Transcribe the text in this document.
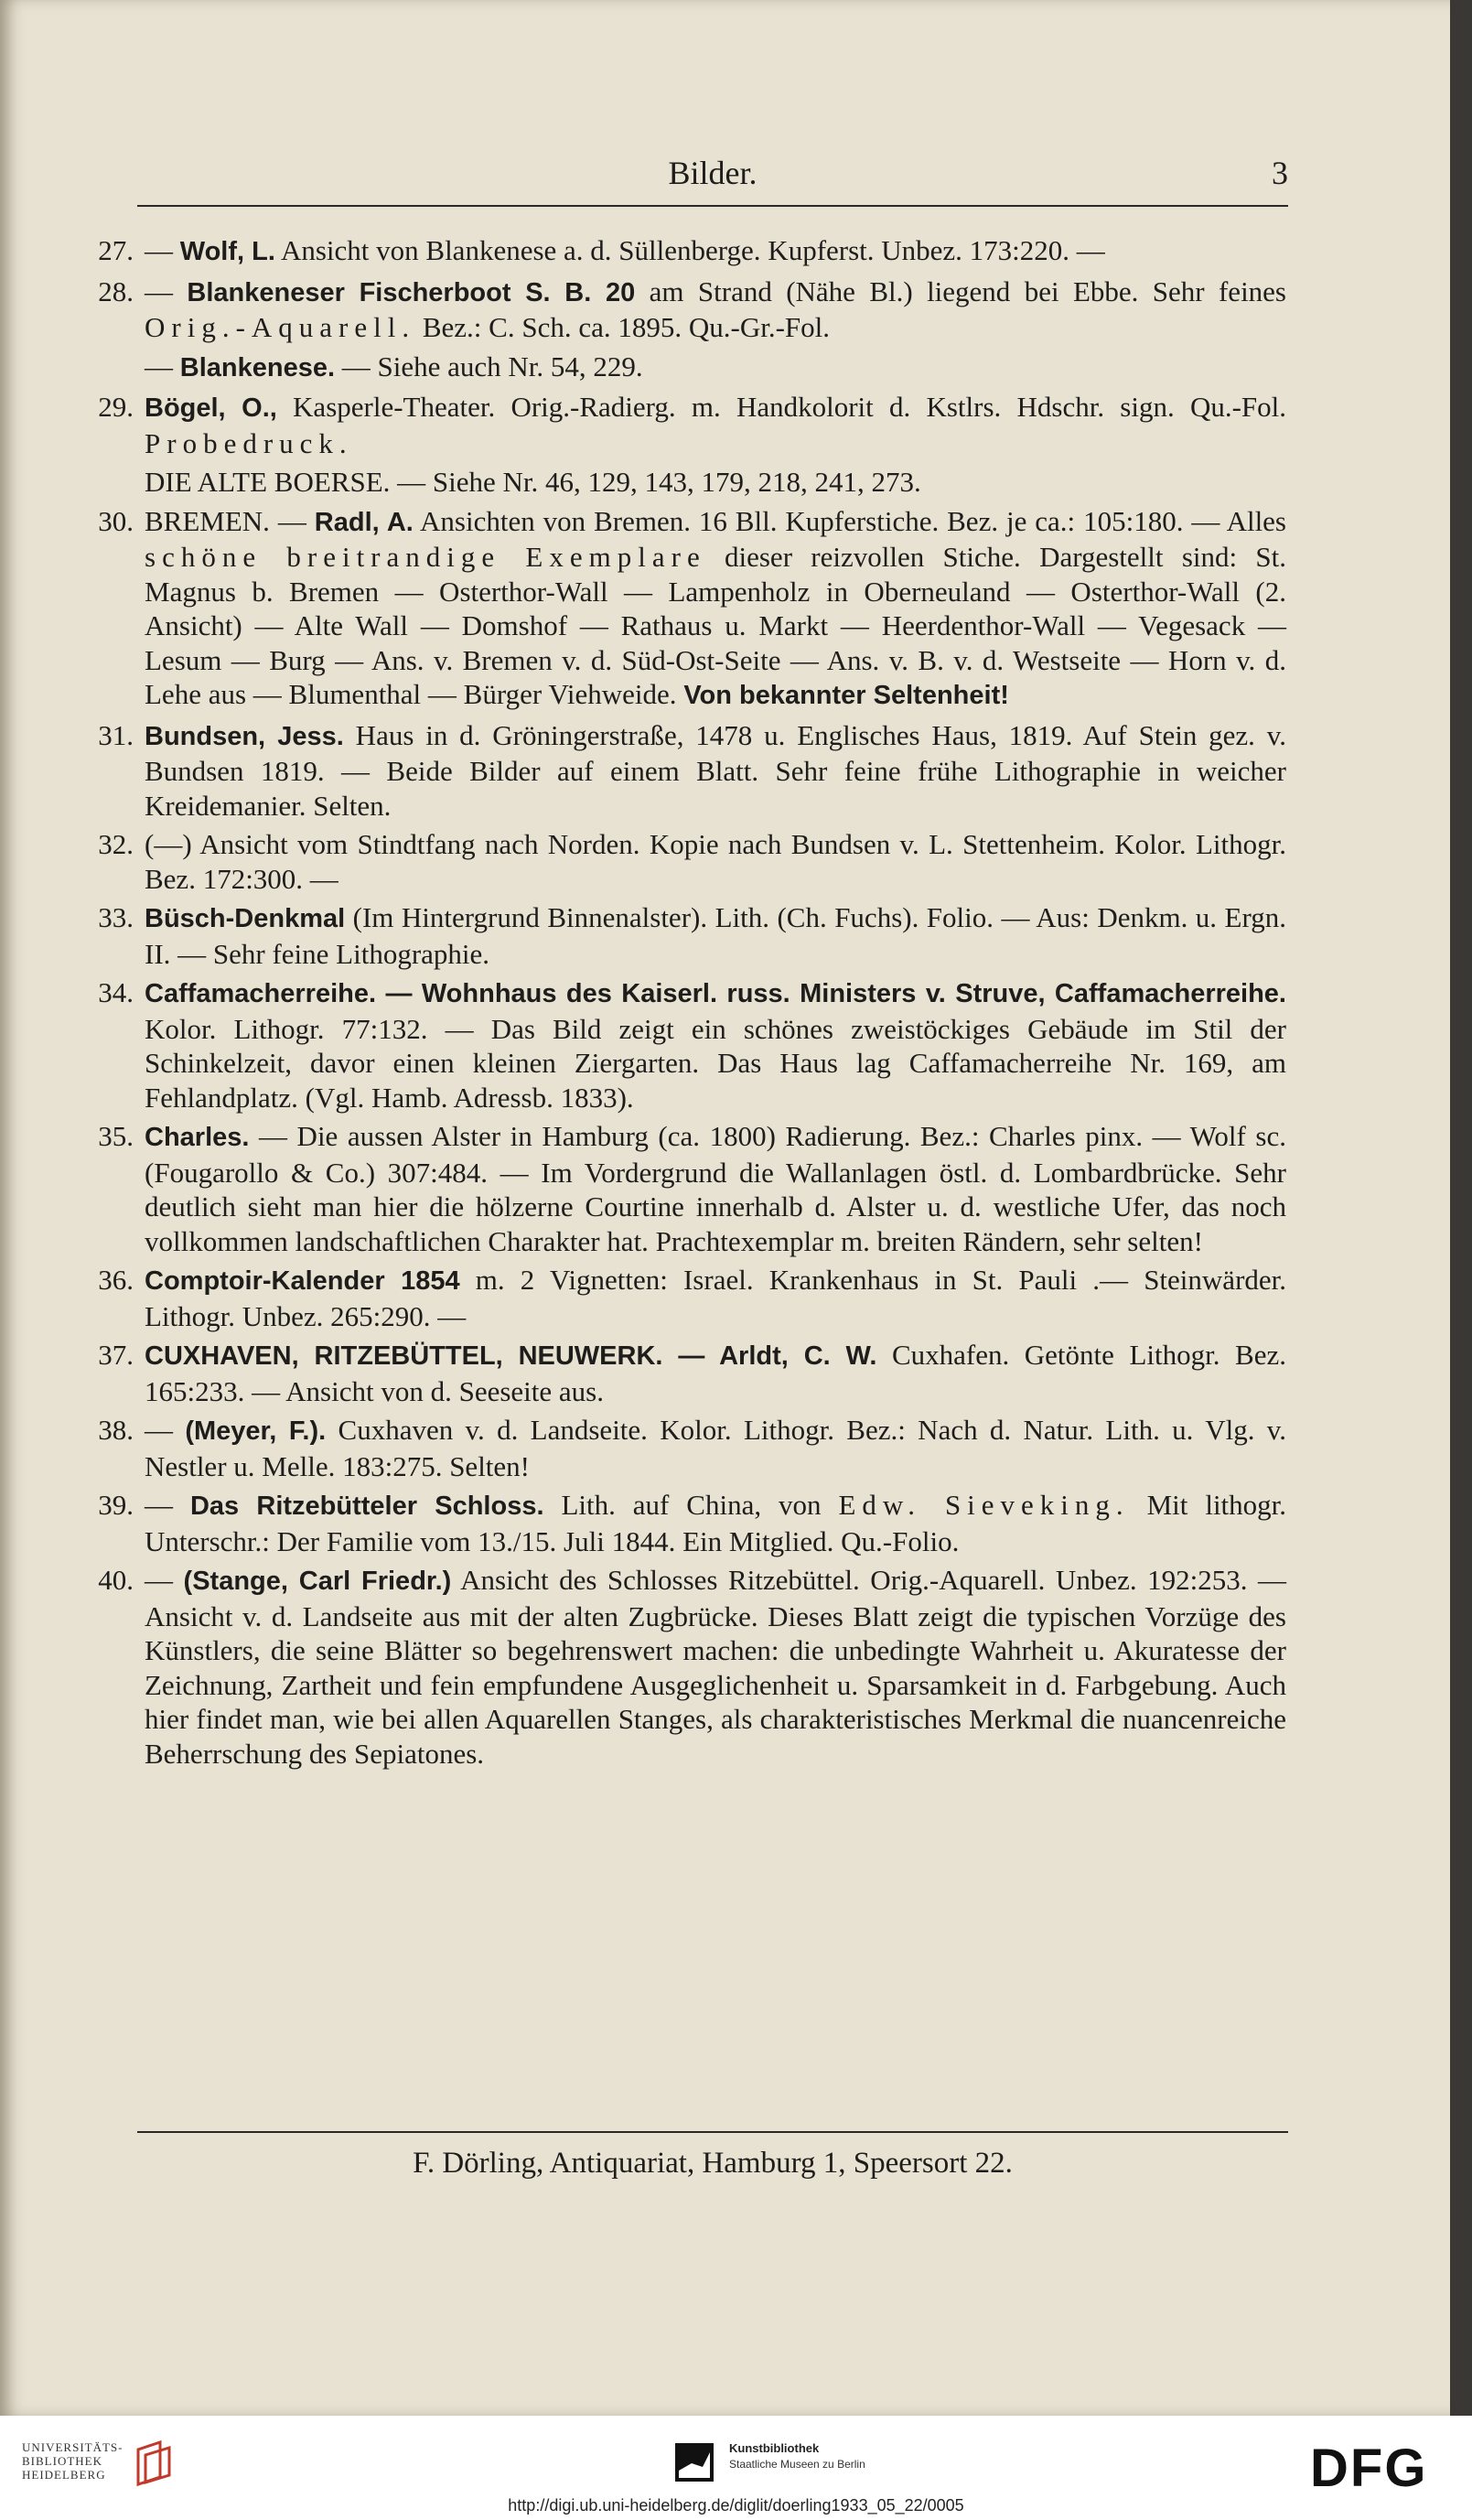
Bilder.	3
27. — Wolf, L. Ansicht von Blankenese a. d. Süllenberge. Kupferst. Unbez. 173:220. —
28. — Blankeneser Fischerboot S. B. 20 am Strand (Nähe Bl.) liegend bei Ebbe. Sehr feines Orig.-Aquarell. Bez.: C. Sch. ca. 1895. Qu.-Gr.-Fol.
— Blankenese. — Siehe auch Nr. 54, 229.
29. Bögel, O., Kasperle-Theater. Orig.-Radierg. m. Handkolorit d. Kstlrs. Hdschr. sign. Qu.-Fol. Probedruck.
DIE ALTE BOERSE. — Siehe Nr. 46, 129, 143, 179, 218, 241, 273.
30. BREMEN. — Radl, A. Ansichten von Bremen. 16 Bll. Kupferstiche. Bez. je ca.: 105:180. — Alles schöne breitrandige Exemplare dieser reizvollen Stiche. Dargestellt sind: St. Magnus b. Bremen — Osterthor-Wall — Lampenholz in Oberneuland — Osterthor-Wall (2. Ansicht) — Alte Wall — Domshof — Rathaus u. Markt — Heerdenthor-Wall — Vegesack — Lesum — Burg — Ans. v. Bremen v. d. Süd-Ost-Seite — Ans. v. B. v. d. Westseite — Horn v. d. Lehe aus — Blumenthal — Bürger Viehweide. Von bekannter Seltenheit!
31. Bundsen, Jess. Haus in d. Gröningerstraße, 1478 u. Englisches Haus, 1819. Auf Stein gez. v. Bundsen 1819. — Beide Bilder auf einem Blatt. Sehr feine frühe Lithographie in weicher Kreidemanier. Selten.
32. (—) Ansicht vom Stindtfang nach Norden. Kopie nach Bundsen v. L. Stettenheim. Kolor. Lithogr. Bez. 172:300. —
33. Büsch-Denkmal (Im Hintergrund Binnenalster). Lith. (Ch. Fuchs). Folio. — Aus: Denkm. u. Ergn. II. — Sehr feine Lithographie.
34. Caffamacherreihe. — Wohnhaus des Kaiserl. russ. Ministers v. Struve, Caffamacherreihe. Kolor. Lithogr. 77:132. — Das Bild zeigt ein schönes zweistöckiges Gebäude im Stil der Schinkelzeit, davor einen kleinen Ziergarten. Das Haus lag Caffamacherreihe Nr. 169, am Fehlandplatz. (Vgl. Hamb. Adressb. 1833).
35. Charles. — Die aussen Alster in Hamburg (ca. 1800) Radierung. Bez.: Charles pinx. — Wolf sc. (Fougarollo & Co.) 307:484. — Im Vordergrund die Wallanlagen östl. d. Lombardbrücke. Sehr deutlich sieht man hier die hölzerne Courtine innerhalb d. Alster u. d. westliche Ufer, das noch vollkommen landschaftlichen Charakter hat. Prachtexemplar m. breiten Rändern, sehr selten!
36. Comptoir-Kalender 1854 m. 2 Vignetten: Israel. Krankenhaus in St. Pauli .— Steinwärder. Lithogr. Unbez. 265:290. —
37. CUXHAVEN, RITZEBÜTTEL, NEUWERK. — Arldt, C. W. Cuxhafen. Getönte Lithogr. Bez. 165:233. — Ansicht von d. Seeseite aus.
38. — (Meyer, F.). Cuxhaven v. d. Landseite. Kolor. Lithogr. Bez.: Nach d. Natur. Lith. u. Vlg. v. Nestler u. Melle. 183:275. Selten!
39. — Das Ritzebütteler Schloss. Lith. auf China, von Edw. Sieveking. Mit lithogr. Unterschr.: Der Familie vom 13./15. Juli 1844. Ein Mitglied. Qu.-Folio.
40. — (Stange, Carl Friedr.) Ansicht des Schlosses Ritzebüttel. Orig.-Aquarell. Unbez. 192:253. — Ansicht v. d. Landseite aus mit der alten Zugbrücke. Dieses Blatt zeigt die typischen Vorzüge des Künstlers, die seine Blätter so begehrenswert machen: die unbedingte Wahrheit u. Akuratesse der Zeichnung, Zartheit und fein empfundene Ausgeglichenheit u. Sparsamkeit in d. Farbgebung. Auch hier findet man, wie bei allen Aquarellen Stanges, als charakteristisches Merkmal die nuancenreiche Beherrschung des Sepiatones.
F. Dörling, Antiquariat, Hamburg 1, Speersort 22.
UNIVERSITÄTS-
BIBLIOTHEK
HEIDELBERG
Kunstbibliothek
Staatliche Museen zu Berlin	DFG
http://digi.ub.uni-heidelberg.de/diglit/doerling1933_05_22/0005
